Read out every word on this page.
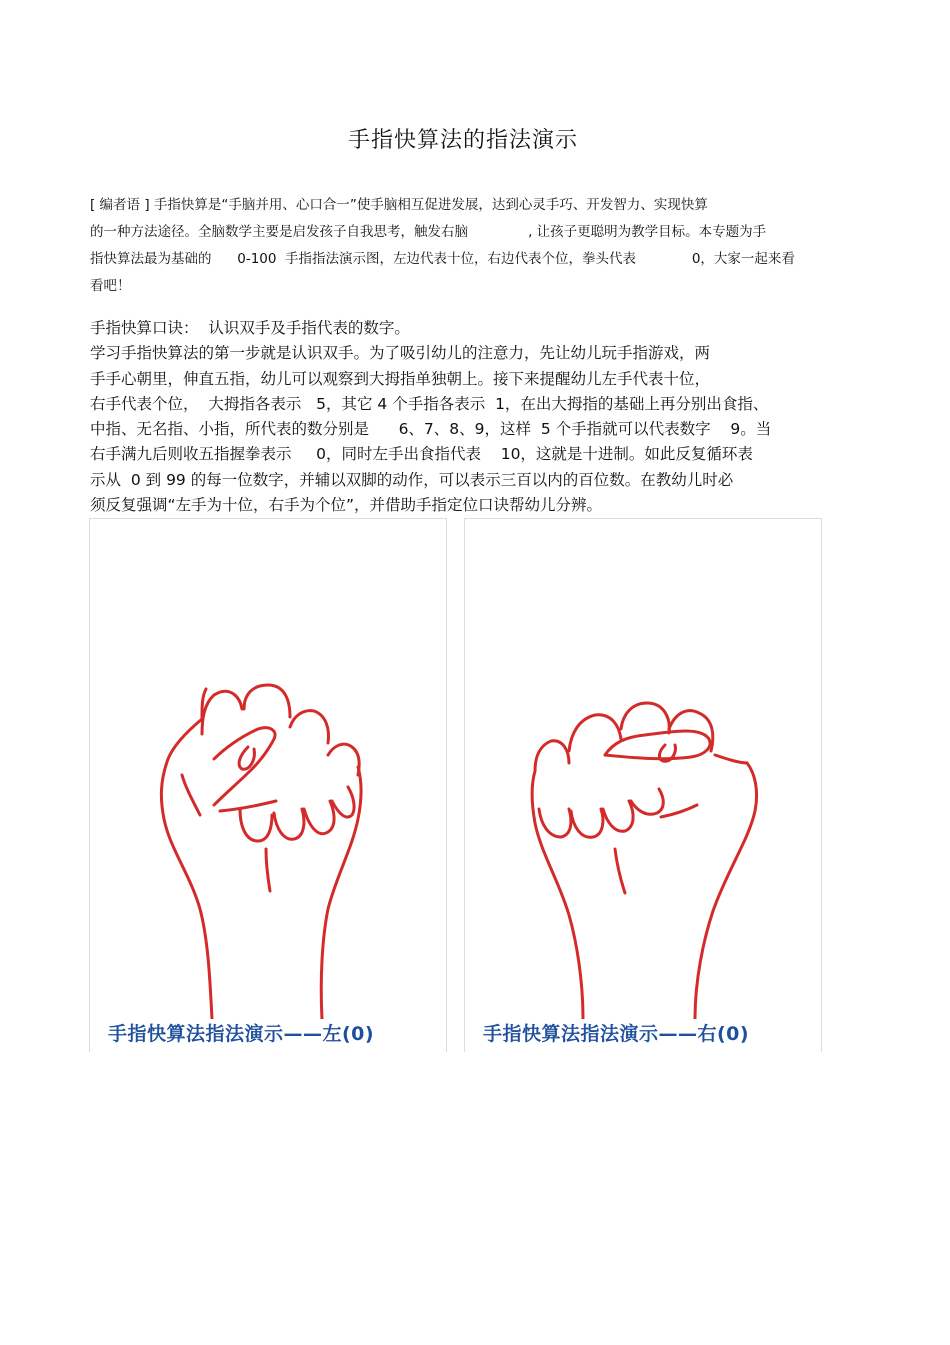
手指快算法的指法演示
[ 编者语 ] 手指快算是“手脑并用、心口合一”使手脑相互促进发展，达到心灵手巧、开发智力、实现快算
的一种方法途径。全脑数学主要是启发孩子自我思考，触发右脑              , 让孩子更聪明为教学目标。本专题为手
指快算法最为基础的      0-100  手指指法演示图，左边代表十位，右边代表个位，拳头代表             0，大家一起来看
看吧！
手指快算口诀：  认识双手及手指代表的数字。
学习手指快算法的第一步就是认识双手。为了吸引幼儿的注意力，先让幼儿玩手指游戏，两
手手心朝里，伸直五指，幼儿可以观察到大拇指单独朝上。接下来提醒幼儿左手代表十位，
右手代表个位，  大拇指各表示   5，其它 4 个手指各表示  1，在出大拇指的基础上再分别出食指、
中指、无名指、小指，所代表的数分别是      6、7、8、9，这样  5 个手指就可以代表数字    9。当
右手满九后则收五指握拳表示     0，同时左手出食指代表    10，这就是十进制。如此反复循环表
示从  0 到 99 的每一位数字，并辅以双脚的动作，可以表示三百以内的百位数。在教幼儿时必
须反复强调“左手为十位，右手为个位”，并借助手指定位口诀帮幼儿分辨。
手指快算法指法演示——左(0)	手指快算法指法演示——右(0)
